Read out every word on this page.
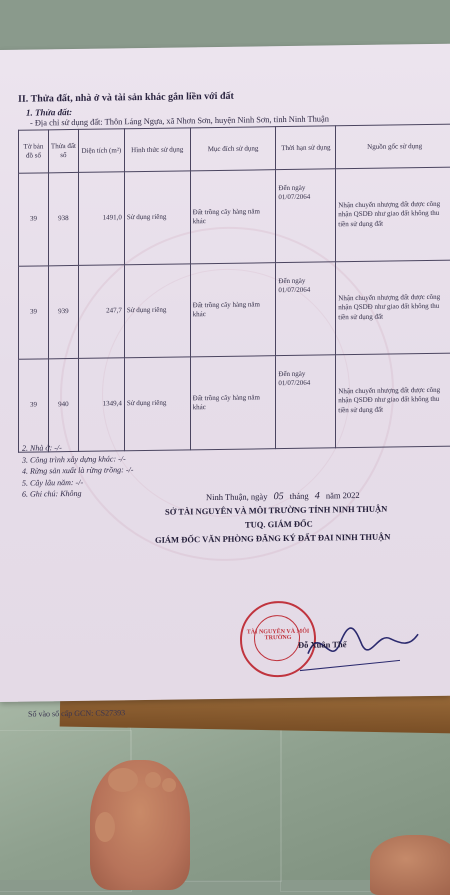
II. Thửa đất, nhà ở và tài sản khác gắn liền với đất
1. Thửa đất:
- Địa chỉ sử dụng đất: Thôn Láng Ngựa, xã Nhơn Sơn, huyện Ninh Sơn, tỉnh Ninh Thuận
Tờ bản đồ số	Thửa đất số	Diện tích (m²)	Hình thức sử dụng	Mục đích sử dụng	Thời hạn sử dụng	Nguồn gốc sử dụng
39	938	1491,0	Sử dụng riêng	Đất trồng cây hàng năm khác	Đến ngày 01/07/2064	Nhận chuyển nhượng đất được công nhận QSDĐ như giao đất không thu tiền sử dụng đất
39	939	247,7	Sử dụng riêng	Đất trồng cây hàng năm khác	Đến ngày 01/07/2064	Nhận chuyển nhượng đất được công nhận QSDĐ như giao đất không thu tiền sử dụng đất
39	940	1349,4	Sử dụng riêng	Đất trồng cây hàng năm khác	Đến ngày 01/07/2064	Nhận chuyển nhượng đất được công nhận QSDĐ như giao đất không thu tiền sử dụng đất
2. Nhà ở: -/-
3. Công trình xây dựng khác: -/-
4. Rừng sản xuất là rừng trồng: -/-
5. Cây lâu năm: -/-
6. Ghi chú: Không	Ninh Thuận, ngày 05 tháng 4 năm 2022
SỞ TÀI NGUYÊN VÀ MÔI TRƯỜNG TỈNH NINH THUẬN
TUQ. GIÁM ĐỐC
GIÁM ĐỐC VĂN PHÒNG ĐĂNG KÝ ĐẤT ĐAI NINH THUẬN
TÀI NGUYÊN VÀ MÔI TRƯỜNG
Đỗ Xuân Thể
Số vào sổ cấp GCN: CS27393
